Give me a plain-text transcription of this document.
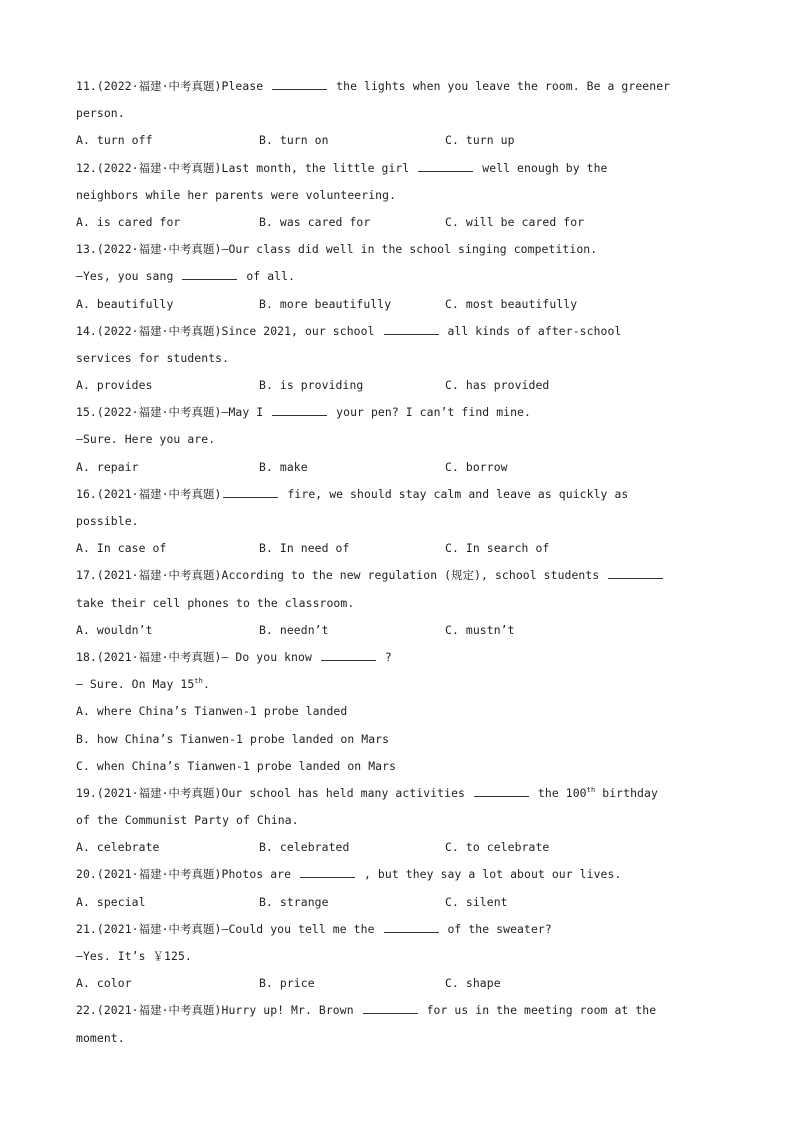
11.(2022·福建·中考真题)Please	the lights when you leave the room. Be a greener
person.
A. turn off	B. turn on	C. turn up
12.(2022·福建·中考真题)Last month, the little girl	well enough by the
neighbors while her parents were volunteering.
A. is cared for	B. was cared for	C. will be cared for
13.(2022·福建·中考真题)—Our class did well in the school singing competition.
—Yes, you sang	of all.
A. beautifully	B. more beautifully	C. most beautifully
14.(2022·福建·中考真题)Since 2021, our school	all kinds of after-school
services for students.
A. provides	B. is providing	C. has provided
15.(2022·福建·中考真题)—May I	your pen? I can’t find mine.
—Sure. Here you are.
A. repair	B. make	C. borrow
16.(2021·福建·中考真题)	fire, we should stay calm and leave as quickly as
possible.
A. In case of	B. In need of	C. In search of
17.(2021·福建·中考真题)According to the new regulation (规定), school students
take their cell phones to the classroom.
A. wouldn’t	B. needn’t	C. mustn’t
18.(2021·福建·中考真题)— Do you know	?
— Sure. On May 15th.
A. where China’s Tianwen-1 probe landed
B. how China’s Tianwen-1 probe landed on Mars
C. when China’s Tianwen-1 probe landed on Mars
19.(2021·福建·中考真题)Our school has held many activities	the 100th birthday
of the Communist Party of China.
A. celebrate	B. celebrated	C. to celebrate
20.(2021·福建·中考真题)Photos are	, but they say a lot about our lives.
A. special	B. strange	C. silent
21.(2021·福建·中考真题)—Could you tell me the	of the sweater?
—Yes. It’s ￥125.
A. color	B. price	C. shape
22.(2021·福建·中考真题)Hurry up! Mr. Brown	for us in the meeting room at the
moment.
